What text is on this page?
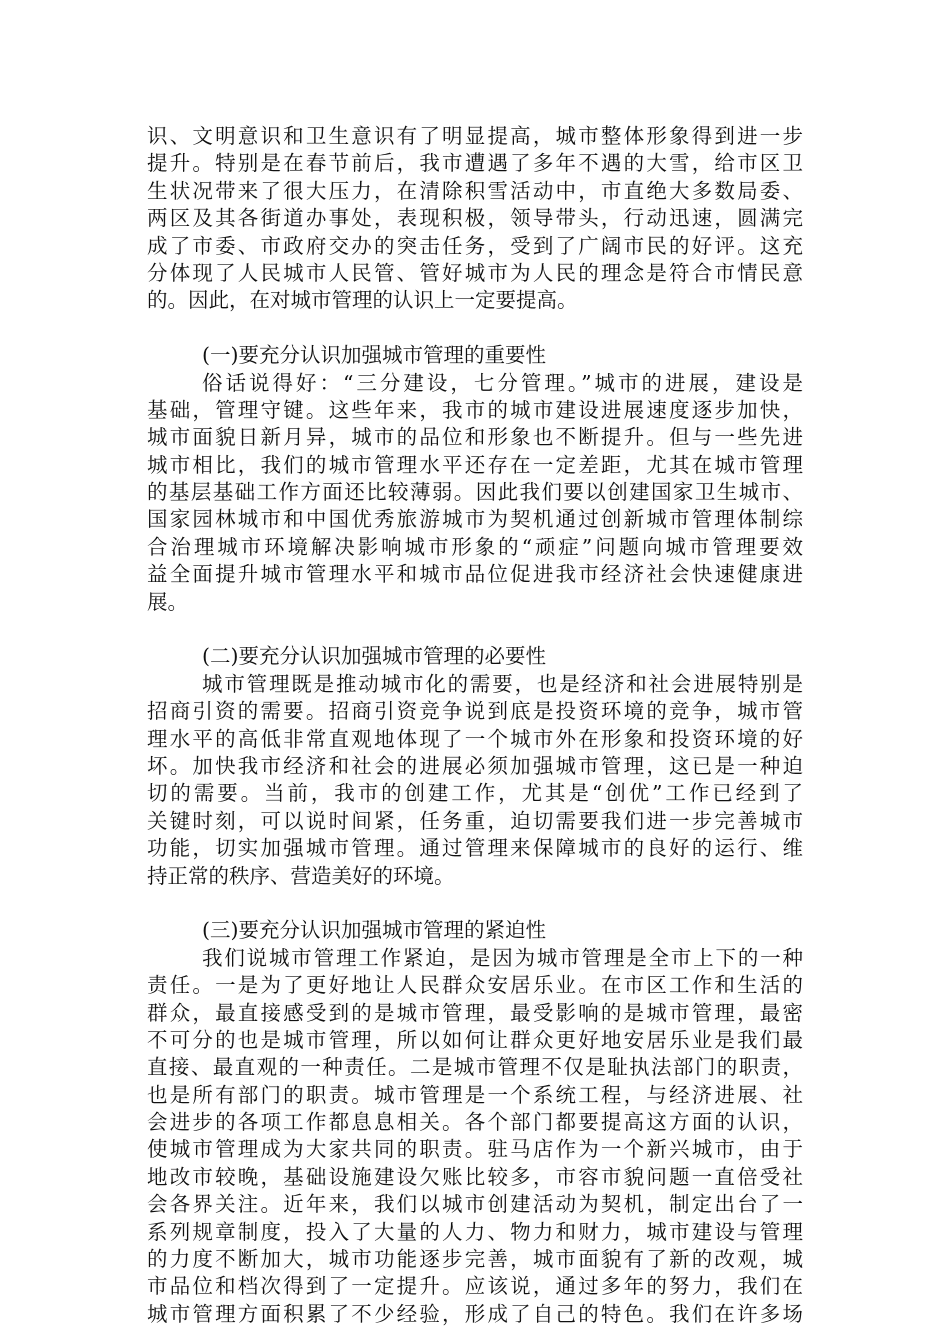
识、文明意识和卫生意识有了明显提高，城市整体形象得到进一步
提升。特别是在春节前后，我市遭遇了多年不遇的大雪，给市区卫
生状况带来了很大压力，在清除积雪活动中，市直绝大多数局委、
两区及其各街道办事处，表现积极，领导带头，行动迅速，圆满完
成了市委、市政府交办的突击任务，受到了广阔市民的好评。这充
分体现了人民城市人民管、管好城市为人民的理念是符合市情民意
的。因此，在对城市管理的认识上一定要提高。
(一)要充分认识加强城市管理的重要性
俗话说得好：“三分建设，七分管理。”城市的进展，建设是
基础，管理守键。这些年来，我市的城市建设进展速度逐步加快，
城市面貌日新月异，城市的品位和形象也不断提升。但与一些先进
城市相比，我们的城市管理水平还存在一定差距，尤其在城市管理
的基层基础工作方面还比较薄弱。因此我们要以创建国家卫生城市、
国家园林城市和中国优秀旅游城市为契机通过创新城市管理体制综
合治理城市环境解决影响城市形象的“顽症”问题向城市管理要效
益全面提升城市管理水平和城市品位促进我市经济社会快速健康进
展。
(二)要充分认识加强城市管理的必要性
城市管理既是推动城市化的需要，也是经济和社会进展特别是
招商引资的需要。招商引资竞争说到底是投资环境的竞争，城市管
理水平的高低非常直观地体现了一个城市外在形象和投资环境的好
坏。加快我市经济和社会的进展必须加强城市管理，这已是一种迫
切的需要。当前，我市的创建工作，尤其是“创优”工作已经到了
关键时刻，可以说时间紧，任务重，迫切需要我们进一步完善城市
功能，切实加强城市管理。通过管理来保障城市的良好的运行、维
持正常的秩序、营造美好的环境。
(三)要充分认识加强城市管理的紧迫性
我们说城市管理工作紧迫，是因为城市管理是全市上下的一种
责任。一是为了更好地让人民群众安居乐业。在市区工作和生活的
群众，最直接感受到的是城市管理，最受影响的是城市管理，最密
不可分的也是城市管理，所以如何让群众更好地安居乐业是我们最
直接、最直观的一种责任。二是城市管理不仅是耻执法部门的职责，
也是所有部门的职责。城市管理是一个系统工程，与经济进展、社
会进步的各项工作都息息相关。各个部门都要提高这方面的认识，
使城市管理成为大家共同的职责。驻马店作为一个新兴城市，由于
地改市较晚，基础设施建设欠账比较多，市容市貌问题一直倍受社
会各界关注。近年来，我们以城市创建活动为契机，制定出台了一
系列规章制度，投入了大量的人力、物力和财力，城市建设与管理
的力度不断加大，城市功能逐步完善，城市面貌有了新的改观，城
市品位和档次得到了一定提升。应该说，通过多年的努力，我们在
城市管理方面积累了不少经验，形成了自己的特色。我们在许多场
